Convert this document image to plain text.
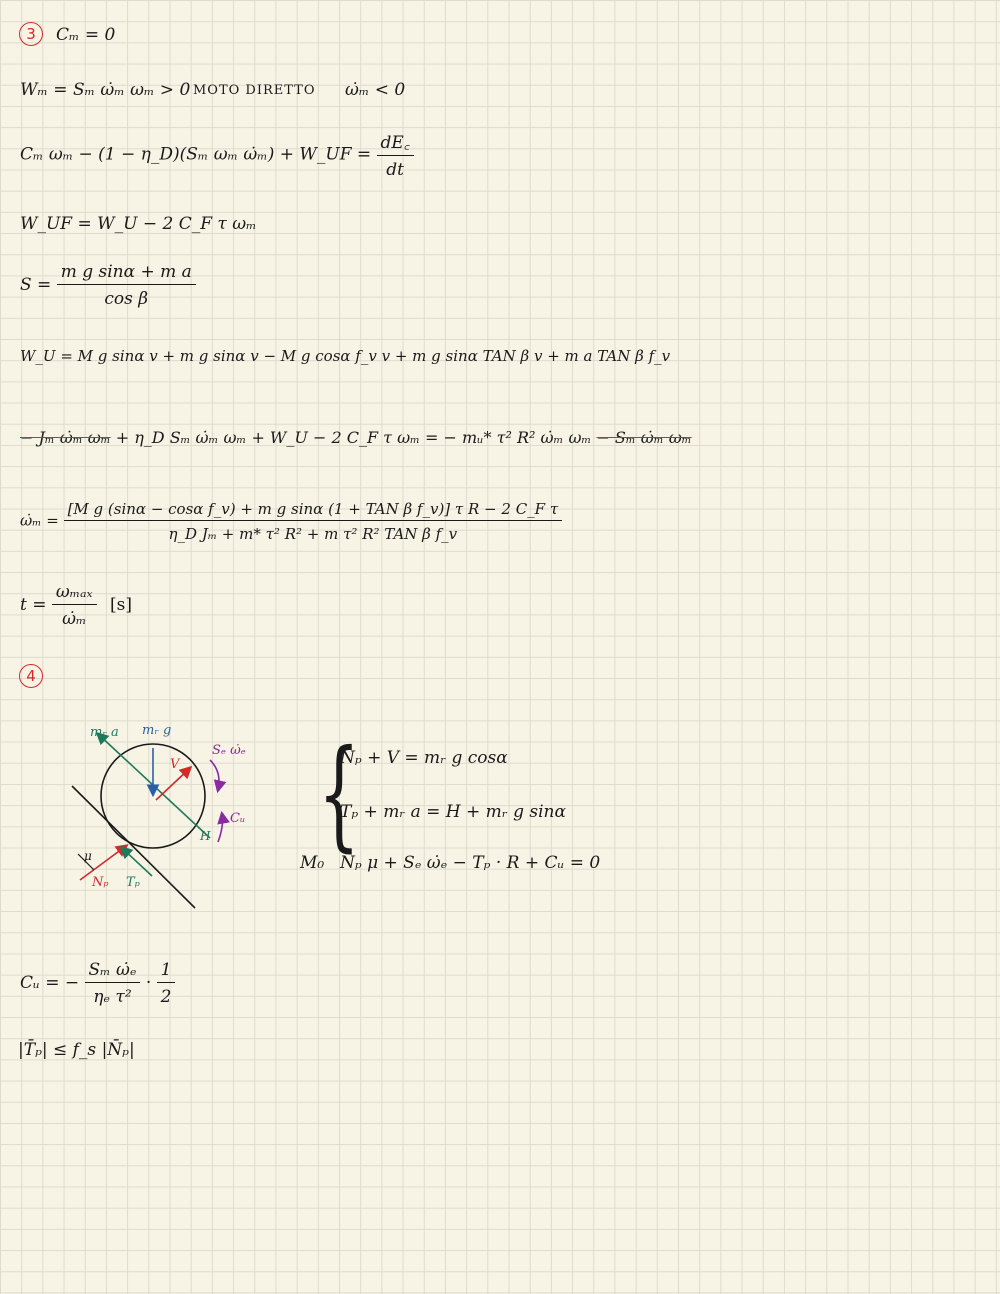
3	Cₘ = 0
Wₘ = Sₘ ω̇ₘ ωₘ > 0 MOTO DIRETTO ω̇ₘ < 0
Cₘ ωₘ − (1 − η_D)(Sₘ ωₘ ω̇ₘ) + W_UF = $\frac{dE꜀}{dt}$
W_UF = W_U − 2 C_F τ ωₘ
$S = \frac{\text{m g sinα + m a}}{\text{cos β}}$
W_U = M g sinα v + m g sinα v − M g cosα f_v v + m g sinα TAN β v + m a TAN β f_v
− Jₘ ω̇ₘ ωₘ + η_D Sₘ ω̇ₘ ωₘ + W_U − 2 C_F τ ωₘ = − mᵤ* τ² R² ω̇ₘ ωₘ − Sₘ ω̇ₘ ωₘ
ω̇ₘ =
[M g (sinα − cosα f_v) + m g sinα (1 + TAN β f_v)] τ R − 2 C_F τ
η_D Jₘ + m* τ² R² + m τ² R² TAN β f_v
$t = \frac{\text{ωₘₐₓ}}{\text{ω̇ₘ}} [s]$
4
mᵣ a mᵣ g
V
Sₑ ω̇ₑ
Cᵤ
H
μ
Nₚ Tₚ
{
Nₚ + V = mᵣ g cosα
Tₚ + mᵣ a = H + mᵣ g sinα
M₀ Nₚ μ + Sₑ ω̇ₑ − Tₚ · R + Cᵤ = 0
Cᵤ = − $\frac{\text{Sₘ ω̇ₑ}}{\text{ηₑ τ²}} \cdot \frac{1}{2}$
|T̄ₚ| ≤ f_s |N̄ₚ|
